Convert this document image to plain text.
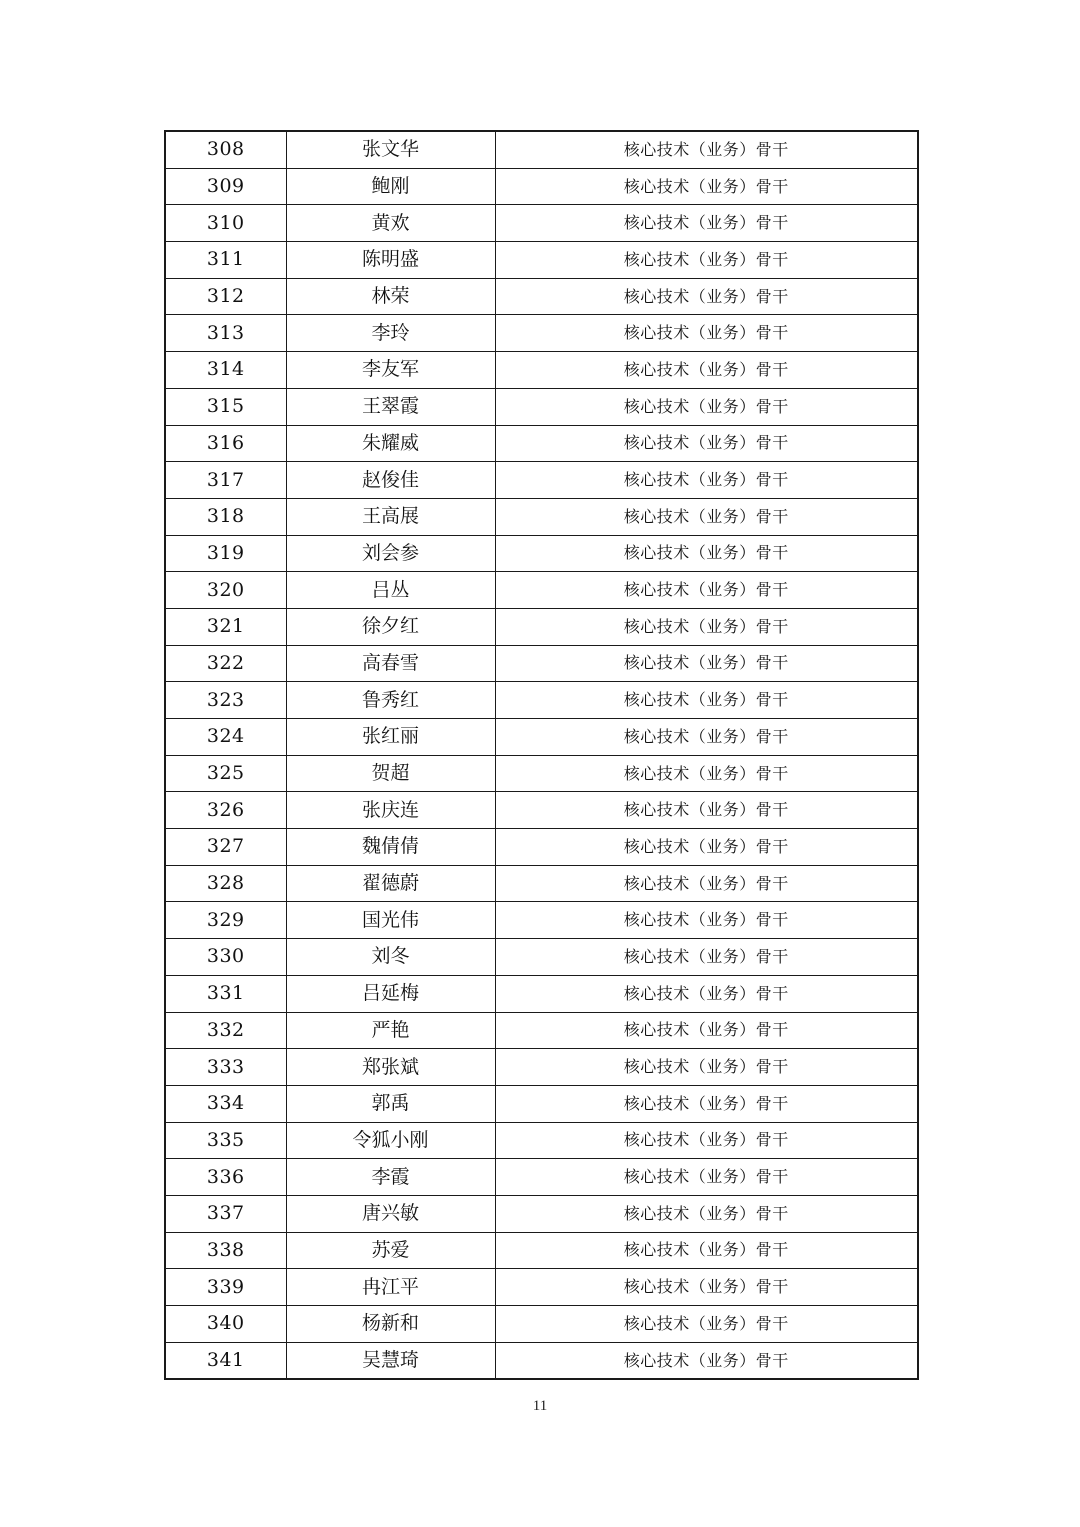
308	张文华	核心技术（业务）骨干
309	鲍刚	核心技术（业务）骨干
310	黄欢	核心技术（业务）骨干
311	陈明盛	核心技术（业务）骨干
312	林荣	核心技术（业务）骨干
313	李玲	核心技术（业务）骨干
314	李友军	核心技术（业务）骨干
315	王翠霞	核心技术（业务）骨干
316	朱耀威	核心技术（业务）骨干
317	赵俊佳	核心技术（业务）骨干
318	王高展	核心技术（业务）骨干
319	刘会参	核心技术（业务）骨干
320	吕丛	核心技术（业务）骨干
321	徐夕红	核心技术（业务）骨干
322	高春雪	核心技术（业务）骨干
323	鲁秀红	核心技术（业务）骨干
324	张红丽	核心技术（业务）骨干
325	贺超	核心技术（业务）骨干
326	张庆连	核心技术（业务）骨干
327	魏倩倩	核心技术（业务）骨干
328	翟德蔚	核心技术（业务）骨干
329	国光伟	核心技术（业务）骨干
330	刘冬	核心技术（业务）骨干
331	吕延梅	核心技术（业务）骨干
332	严艳	核心技术（业务）骨干
333	郑张斌	核心技术（业务）骨干
334	郭禹	核心技术（业务）骨干
335	令狐小刚	核心技术（业务）骨干
336	李霞	核心技术（业务）骨干
337	唐兴敏	核心技术（业务）骨干
338	苏爱	核心技术（业务）骨干
339	冉江平	核心技术（业务）骨干
340	杨新和	核心技术（业务）骨干
341	吴慧琦	核心技术（业务）骨干
11
